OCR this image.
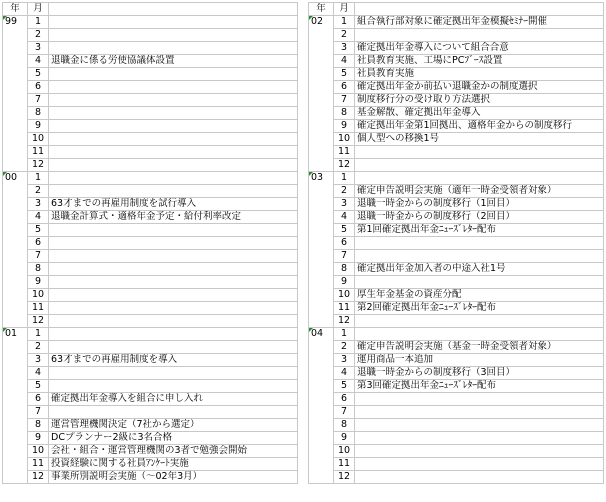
年	月	
99	1	
	2	
	3	
	4	退職金に係る労使協議体設置
	5	
	6	
	7	
	8	
	9	
	10	
	11	
	12	
00	1	
	2	
	3	63才までの再雇用制度を試行導入
	4	退職金計算式・適格年金予定・給付利率改定
	5	
	6	
	7	
	8	
	9	
	10	
	11	
	12	
01	1	
	2	
	3	63才までの再雇用制度を導入
	4	
	5	
	6	確定拠出年金導入を組合に申し入れ
	7	
	8	運営管理機関決定（7社から選定）
	9	DCプランナー2級に3名合格
	10	会社・組合・運営管理機関の3者で勉強会開始
	11	投資経験に関する社員ｱﾝｹｰﾄ実施
	12	事業所別説明会実施（～02年3月）
年	月	
02	1	組合執行部対象に確定拠出年金模擬ｾﾐﾅｰ開催
	2	
	3	確定拠出年金導入について組合合意
	4	社員教育実施、工場にPCﾌﾞｰｽ設置
	5	社員教育実施
	6	確定拠出年金か前払い退職金かの制度選択
	7	制度移行分の受け取り方法選択
	8	基金解散、確定拠出年金導入
	9	確定拠出年金第1回拠出、適格年金からの制度移行
	10	個人型への移換1号
	11	
	12	
03	1	
	2	確定申告説明会実施（適年一時金受領者対象）
	3	退職一時金からの制度移行（1回目）
	4	退職一時金からの制度移行（2回目）
	5	第1回確定拠出年金ﾆｭｰｽﾞﾚﾀｰ配布
	6	
	7	
	8	確定拠出年金加入者の中途入社1号
	9	
	10	厚生年金基金の資産分配
	11	第2回確定拠出年金ﾆｭｰｽﾞﾚﾀｰ配布
	12	
04	1	
	2	確定申告説明会実施（基金一時金受領者対象）
	3	運用商品一本追加
	4	退職一時金からの制度移行（3回目）
	5	第3回確定拠出年金ﾆｭｰｽﾞﾚﾀｰ配布
	6	
	7	
	8	
	9	
	10	
	11	
	12	
